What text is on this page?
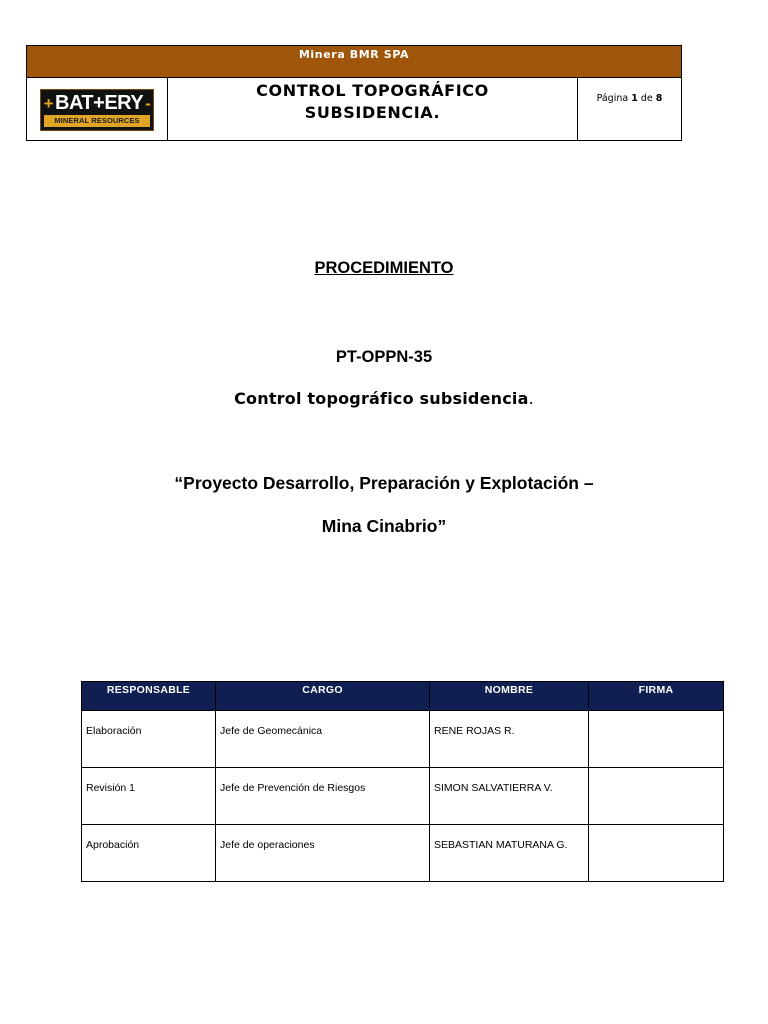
Minera BMR SPA
+ BAT+ERY -
MINERAL RESOURCES
CONTROL TOPOGRÁFICO
SUBSIDENCIA.
Página
1
de
8
PROCEDIMIENTO
PT-OPPN-35
Control topográfico subsidencia.
“Proyecto Desarrollo, Preparación y Explotación –
Mina Cinabrio”
RESPONSABLE	CARGO	NOMBRE	FIRMA
Elaboración	Jefe de Geomecánica	RENE ROJAS R.	
Revisión 1	Jefe de Prevención de Riesgos	SIMON SALVATIERRA V.	
Aprobación	Jefe de operaciones	SEBASTIAN MATURANA G.	
